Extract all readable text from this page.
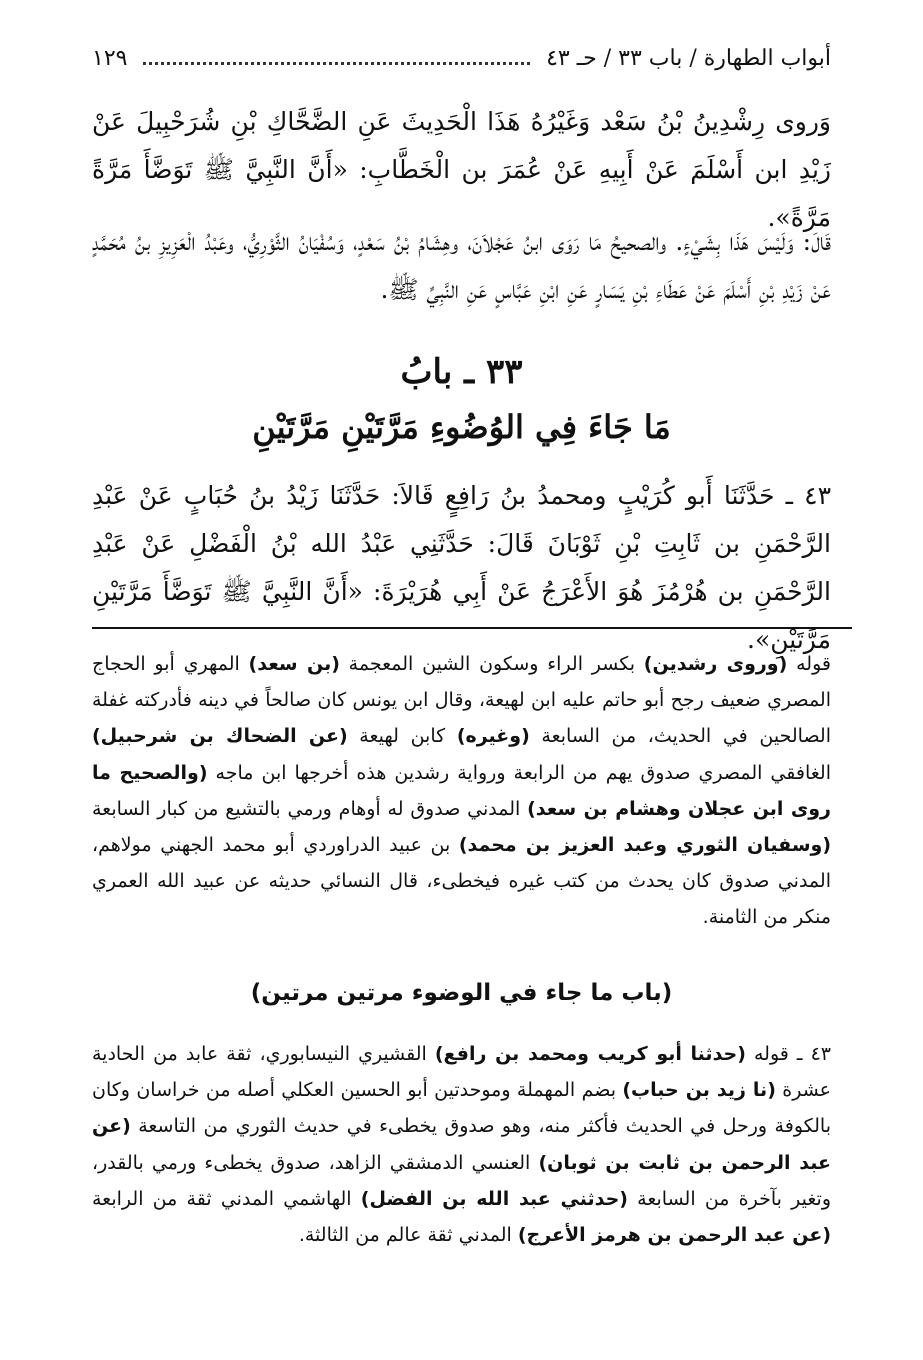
أبواب الطهارة / باب ٣٣ / حـ ٤٣
١٢٩

وَروى رِشْدِينُ بْنُ سَعْد وَغَيْرُهُ هَذَا الْحَدِيثَ عَنِ الضَّحَّاكِ بْنِ شُرَحْبِيلَ عَنْ زَيْدِ ابن أَسْلَمَ عَنْ أَبِيهِ عَنْ عُمَرَ بن الْخَطَّابِ: «أَنَّ النَّبِيَّ ﷺ تَوَضَّأَ مَرَّةً مَرَّةً».

قَالَ: وَلَيْسَ هَذَا بِشَيْءٍ. والصحيحُ مَا رَوَى ابنُ عَجْلاَنَ، وهِشَامُ بْنُ سَعْدٍ، وَسُفْيَانُ الثَّوْرِيُّ، وعَبْدُ الْعَزِيزِ بنُ مُحَمَّدٍ عَنْ زَيْدِ بْنِ أَسْلَمَ عَنْ عَطَاءِ بْنِ يَسَارٍ عَنِ ابْنِ عَبَّاسٍ عَنِ النَّبِيِّ ﷺ.

٣٣ ـ بابُ
مَا جَاءَ فِي الوُضُوءِ مَرَّتَيْنِ مَرَّتَيْنِ

٤٣ ـ حَدَّثَنَا أَبو كُرَيْبٍ ومحمدُ بنُ رَافِعٍ قَالاَ: حَدَّثَنَا زَيْدُ بنُ حُبَابٍ عَنْ عَبْدِ الرَّحْمَنِ بن ثَابِتِ بْنِ ثَوْبَانَ قَالَ: حَدَّثَنِي عَبْدُ الله بْنُ الْفَضْلِ عَنْ عَبْدِ الرَّحْمَنِ بن هُرْمُزَ هُوَ الأَعْرَجُ عَنْ أَبِي هُرَيْرَةَ: «أَنَّ النَّبِيَّ ﷺ تَوَضَّأَ مَرَّتَيْنِ مَرَّتَيْنِ».

قوله (وروى رشدين) بكسر الراء وسكون الشين المعجمة (بن سعد) المهري أبو الحجاج المصري ضعيف رجح أبو حاتم عليه ابن لهيعة، وقال ابن يونس كان صالحاً في دينه فأدركته غفلة الصالحين في الحديث، من السابعة (وغيره) كابن لهيعة (عن الضحاك بن شرحبيل) الغافقي المصري صدوق يهم من الرابعة ورواية رشدين هذه أخرجها ابن ماجه (والصحيح ما روى ابن عجلان وهشام بن سعد) المدني صدوق له أوهام ورمي بالتشيع من كبار السابعة (وسفيان الثوري وعبد العزيز بن محمد) بن عبيد الدراوردي أبو محمد الجهني مولاهم، المدني صدوق كان يحدث من كتب غيره فيخطىء، قال النسائي حديثه عن عبيد الله العمري منكر من الثامنة.

(باب ما جاء في الوضوء مرتين مرتين)

٤٣ ـ قوله (حدثنا أبو كريب ومحمد بن رافع) القشيري النيسابوري، ثقة عابد من الحادية عشرة (نا زيد بن حباب) بضم المهملة وموحدتين أبو الحسين العكلي أصله من خراسان وكان بالكوفة ورحل في الحديث فأكثر منه، وهو صدوق يخطىء في حديث الثوري من التاسعة (عن عبد الرحمن بن ثابت بن ثوبان) العنسي الدمشقي الزاهد، صدوق يخطىء ورمي بالقدر، وتغير بآخرة من السابعة (حدثني عبد الله بن الفضل) الهاشمي المدني ثقة من الرابعة (عن عبد الرحمن بن هرمز الأعرج) المدني ثقة عالم من الثالثة.
